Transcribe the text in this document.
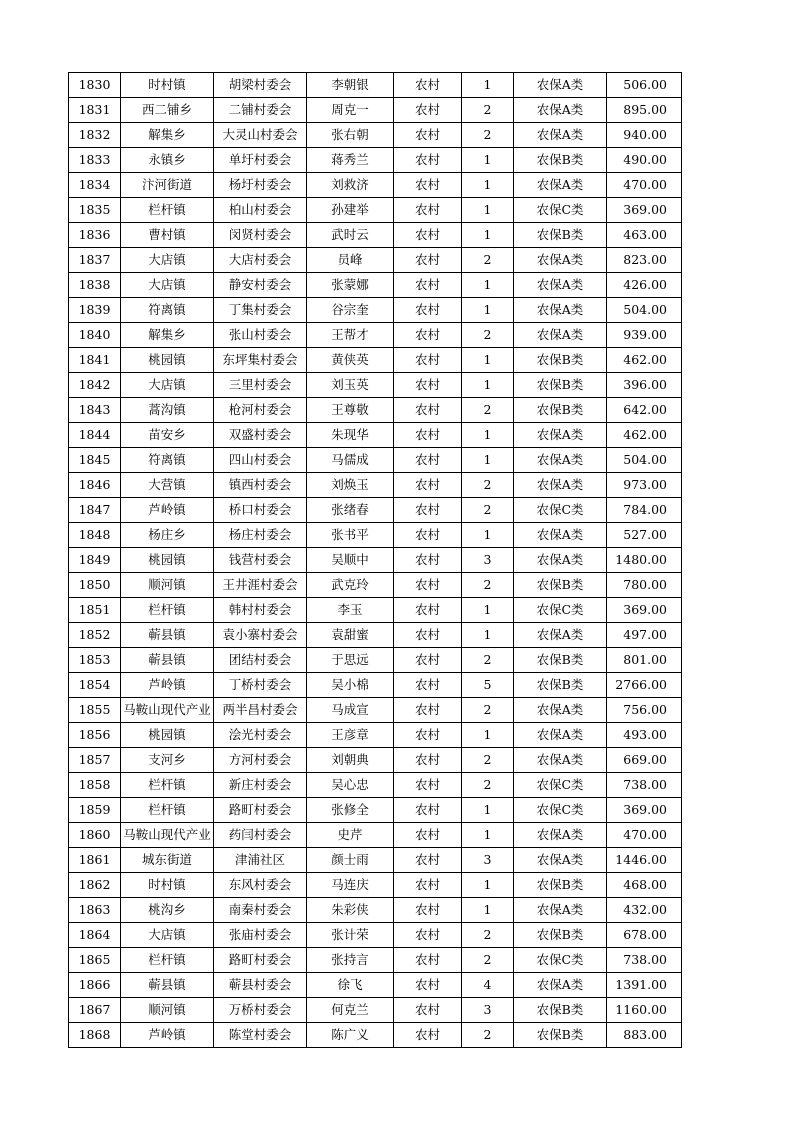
1830	时村镇	胡梁村委会	李朝银	农村	1	农保A类	506.00
1831	西二铺乡	二铺村委会	周克一	农村	2	农保A类	895.00
1832	解集乡	大灵山村委会	张右朝	农村	2	农保A类	940.00
1833	永镇乡	单圩村委会	蒋秀兰	农村	1	农保B类	490.00
1834	汴河街道	杨圩村委会	刘救济	农村	1	农保A类	470.00
1835	栏杆镇	柏山村委会	孙建举	农村	1	农保C类	369.00
1836	曹村镇	闵贤村委会	武时云	农村	1	农保B类	463.00
1837	大店镇	大店村委会	员峰	农村	2	农保A类	823.00
1838	大店镇	静安村委会	张蒙娜	农村	1	农保A类	426.00
1839	符离镇	丁集村委会	谷宗奎	农村	1	农保A类	504.00
1840	解集乡	张山村委会	王帮才	农村	2	农保A类	939.00
1841	桃园镇	东坪集村委会	黄侠英	农村	1	农保B类	462.00
1842	大店镇	三里村委会	刘玉英	农村	1	农保B类	396.00
1843	蒿沟镇	枪河村委会	王尊敬	农村	2	农保B类	642.00
1844	苗安乡	双盛村委会	朱现华	农村	1	农保A类	462.00
1845	符离镇	四山村委会	马儒成	农村	1	农保A类	504.00
1846	大营镇	镇西村委会	刘焕玉	农村	2	农保A类	973.00
1847	芦岭镇	桥口村委会	张绪春	农村	2	农保C类	784.00
1848	杨庄乡	杨庄村委会	张书平	农村	1	农保A类	527.00
1849	桃园镇	钱营村委会	吴顺中	农村	3	农保A类	1480.00
1850	顺河镇	王井涯村委会	武克玲	农村	2	农保B类	780.00
1851	栏杆镇	韩村村委会	李玉	农村	1	农保C类	369.00
1852	蕲县镇	袁小寨村委会	袁甜蜜	农村	1	农保A类	497.00
1853	蕲县镇	团结村委会	于思远	农村	2	农保B类	801.00
1854	芦岭镇	丁桥村委会	吴小棉	农村	5	农保B类	2766.00
1855	马鞍山现代产业	两半昌村委会	马成宣	农村	2	农保A类	756.00
1856	桃园镇	浍光村委会	王彦章	农村	1	农保A类	493.00
1857	支河乡	方河村委会	刘朝典	农村	2	农保A类	669.00
1858	栏杆镇	新庄村委会	吴心忠	农村	2	农保C类	738.00
1859	栏杆镇	路町村委会	张修全	农村	1	农保C类	369.00
1860	马鞍山现代产业	药闫村委会	史芹	农村	1	农保A类	470.00
1861	城东街道	津浦社区	颜士雨	农村	3	农保A类	1446.00
1862	时村镇	东风村委会	马连庆	农村	1	农保B类	468.00
1863	桃沟乡	南秦村委会	朱彩侠	农村	1	农保A类	432.00
1864	大店镇	张庙村委会	张计荣	农村	2	农保B类	678.00
1865	栏杆镇	路町村委会	张持言	农村	2	农保C类	738.00
1866	蕲县镇	蕲县村委会	徐飞	农村	4	农保A类	1391.00
1867	顺河镇	万桥村委会	何克兰	农村	3	农保B类	1160.00
1868	芦岭镇	陈堂村委会	陈广义	农村	2	农保B类	883.00
